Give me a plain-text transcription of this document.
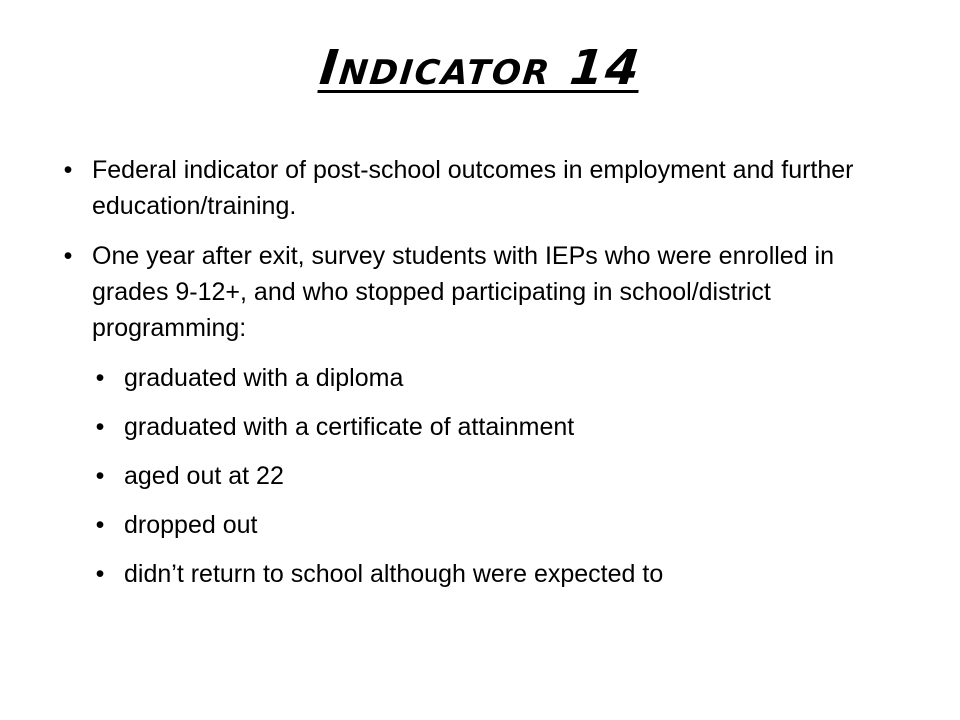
Indicator 14
• Federal indicator of post-school outcomes in employment and further education/training.
• One year after exit, survey students with IEPs who were enrolled in grades 9-12+, and who stopped participating in school/district programming:
• graduated with a diploma
• graduated with a certificate of attainment
• aged out at 22
• dropped out
• didn’t return to school although were expected to
